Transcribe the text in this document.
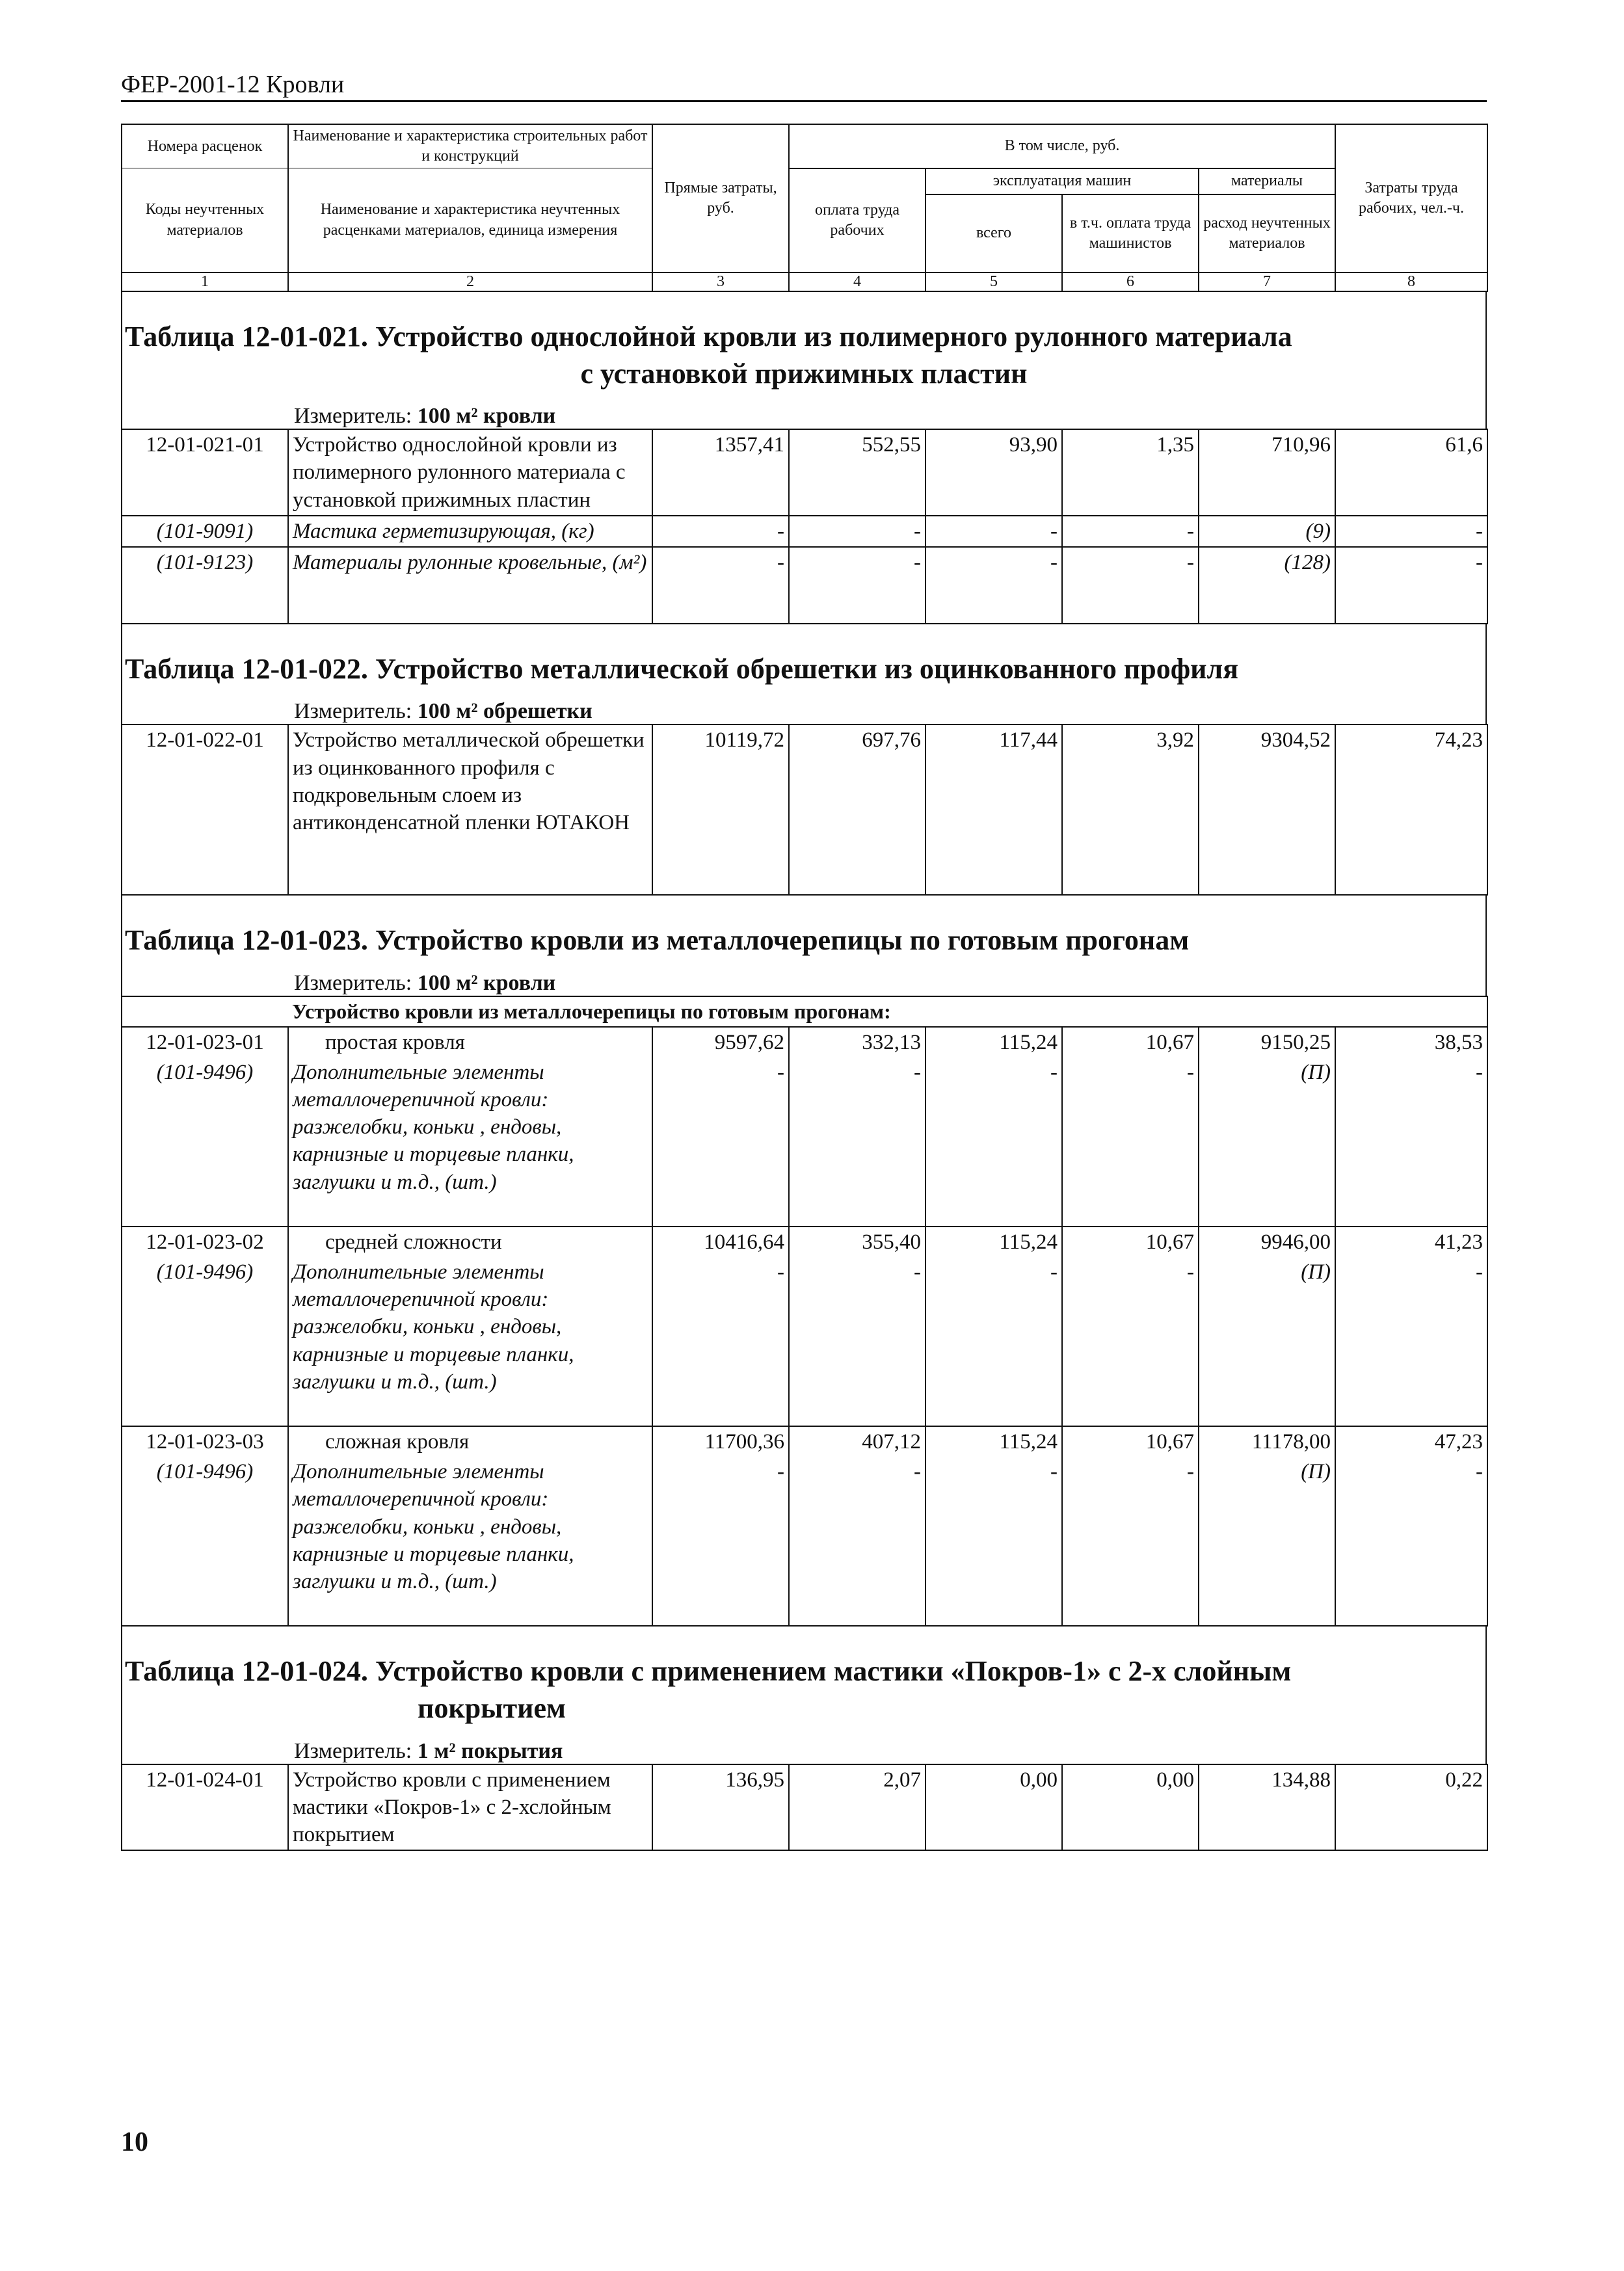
ФЕР-2001-12 Кровли
Номера расценок	Наименование и характеристика строительных работ и конструкций	Прямые затраты, руб.	В том числе, руб.				Затраты труда рабочих, чел.-ч.
Коды неучтенных материалов	Наименование и характеристика неучтенных расценками материалов, единица измерения		оплата труда рабочих	эксплуатация машин		материалы	
				всего	в т.ч. оплата труда машинистов	расход неучтенных материалов	

1	2	3	4	5	6	7	8
Таблица 12-01-021. Устройство однослойной кровли из полимерного рулонного материала
с установкой прижимных пластин
Измеритель: 100 м² кровли
12-01-021-01	Устройство однослойной кровли из полимерного рулонного материала с установкой прижимных пластин	1357,41	552,55	93,90	1,35	710,96	61,6
(101-9091)	Мастика герметизирующая, (кг)	-	-	-	-	(9)	-
(101-9123)	Материалы рулонные кровельные, (м²)	-	-	-	-	(128)	-
Таблица 12-01-022. Устройство металлической обрешетки из оцинкованного профиля
Измеритель: 100 м² обрешетки
12-01-022-01	Устройство металлической обрешетки из оцинкованного профиля с подкровельным слоем из антиконденсатной пленки ЮТАКОН	10119,72	697,76	117,44	3,92	9304,52	74,23
Таблица 12-01-023. Устройство кровли из металлочерепицы по готовым прогонам
Измеритель: 100 м² кровли
	Устройство кровли из металлочерепицы по готовым прогонам:						
12-01-023-01	простая кровля	9597,62	332,13	115,24	10,67	9150,25	38,53
(101-9496)	Дополнительные элементы металлочерепичной кровли: разжелобки, коньки , ендовы, карнизные и торцевые планки, заглушки и т.д., (шт.)	-	-	-	-	(П)	-
12-01-023-02	средней сложности	10416,64	355,40	115,24	10,67	9946,00	41,23
(101-9496)	Дополнительные элементы металлочерепичной кровли: разжелобки, коньки , ендовы, карнизные и торцевые планки, заглушки и т.д., (шт.)	-	-	-	-	(П)	-
12-01-023-03	сложная кровля	11700,36	407,12	115,24	10,67	11178,00	47,23
(101-9496)	Дополнительные элементы металлочерепичной кровли: разжелобки, коньки , ендовы, карнизные и торцевые планки, заглушки и т.д., (шт.)	-	-	-	-	(П)	-
Таблица 12-01-024. Устройство кровли с применением мастики «Покров-1» с 2-х слойным
покрытием
Измеритель: 1 м² покрытия
12-01-024-01	Устройство кровли с применением мастики «Покров-1» с 2-хслойным покрытием	136,95	2,07	0,00	0,00	134,88	0,22
10
